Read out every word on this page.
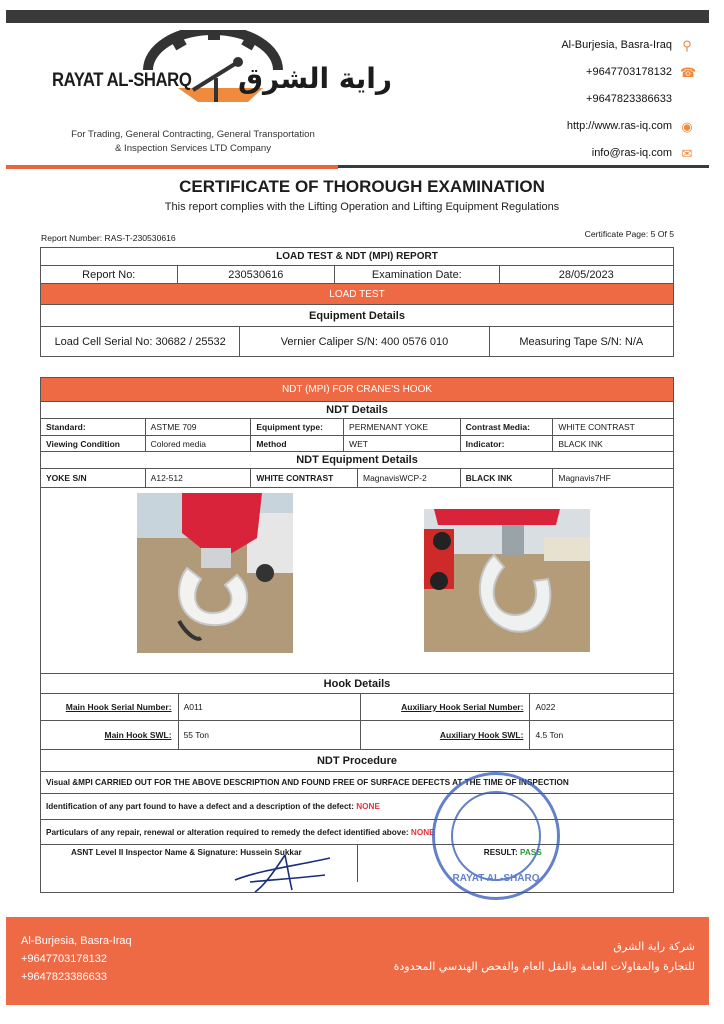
RAYAT AL-SHARQ راية الشرق
For Trading, General Contracting, General Transportation
& Inspection Services LTD Company
Al-Burjesia, Basra-Iraq ⚲
+9647703178132 ☎
+9647823386633
http://www.ras-iq.com ◉
info@ras-iq.com ✉
CERTIFICATE OF THOROUGH EXAMINATION
This report complies with the Lifting Operation and Lifting Equipment Regulations
Report Number: RAS-T-230530616	Certificate Page: 5 Of 5
LOAD TEST & NDT (MPI) REPORT
Report No:	230530616	Examination Date:	28/05/2023
LOAD TEST
Equipment Details
Load Cell Serial No: 30682 / 25532	Vernier Caliper S/N: 400 0576 010	Measuring Tape S/N: N/A
NDT (MPI) FOR CRANE'S HOOK
NDT Details
Standard:	ASTME 709	Equipment type:	PERMENANT YOKE	Contrast Media:	WHITE CONTRAST
Viewing Condition	Colored media	Method	WET	Indicator:	BLACK INK
NDT Equipment Details
YOKE S/N	A12-512	WHITE CONTRAST	MagnavisWCP-2	BLACK INK	Magnavis7HF
Hook Details
Main Hook Serial Number:	A011	Auxiliary Hook Serial Number:	A022
Main Hook SWL:	55 Ton	Auxiliary Hook SWL:	4.5 Ton
NDT Procedure
Visual &MPI CARRIED OUT FOR THE ABOVE DESCRIPTION AND FOUND FREE OF SURFACE DEFECTS AT THE TIME OF INSPECTION
Identification of any part found to have a defect and a description of the defect:
NONE
Particulars of any repair, renewal or alteration required to remedy the defect identified above:
NONE
ASNT Level II Inspector Name & Signature: Hussein Sukkar	RESULT:
PASS
RAYAT AL-SHARQ
Al-Burjesia, Basra-Iraq
+9647703178132
+9647823386633
شركة راية الشرق
للتجارة والمقاولات العامة والنقل العام والفحص الهندسي المحدودة
